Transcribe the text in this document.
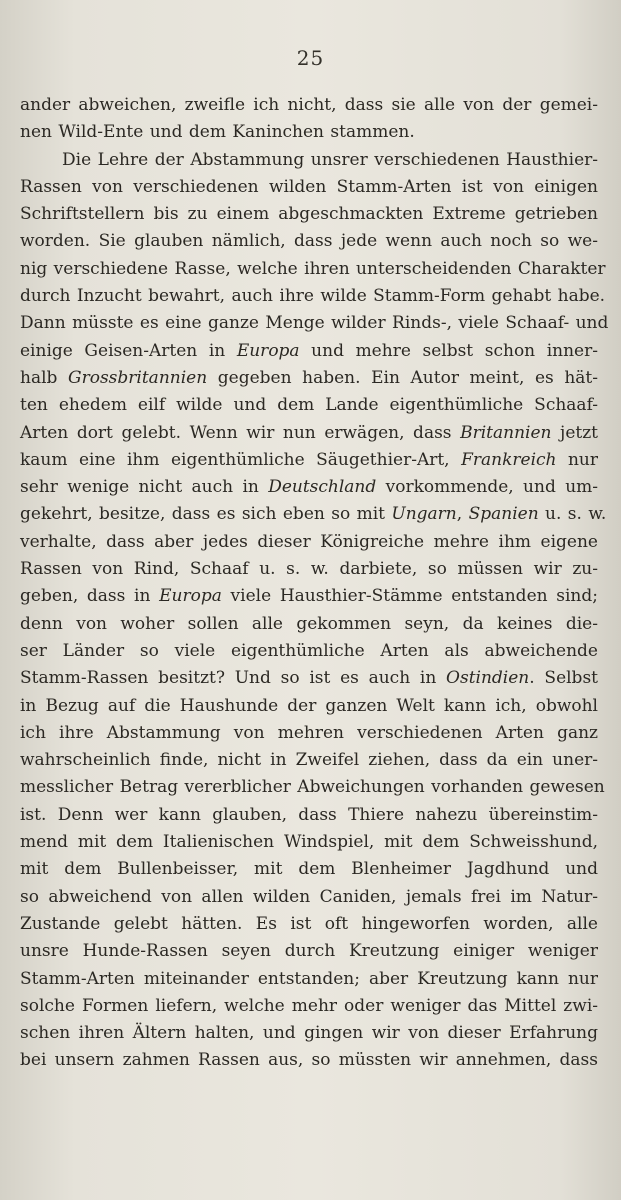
25
ander abweichen, zweifle ich nicht, dass sie alle von der gemei-
nen Wild-Ente und dem Kaninchen stammen.
Die Lehre der Abstammung unsrer verschiedenen Hausthier-
Rassen von verschiedenen wilden Stamm-Arten ist von einigen
Schriftstellern bis zu einem abgeschmackten Extreme getrieben
worden. Sie glauben nämlich, dass jede wenn auch noch so we-
nig verschiedene Rasse, welche ihren unterscheidenden Charakter
durch Inzucht bewahrt, auch ihre wilde Stamm-Form gehabt habe.
Dann müsste es eine ganze Menge wilder Rinds-, viele Schaaf- und
einige Geisen-Arten in Europa und mehre selbst schon inner-
halb Grossbritannien gegeben haben. Ein Autor meint, es hät-
ten ehedem eilf wilde und dem Lande eigenthümliche Schaaf-
Arten dort gelebt. Wenn wir nun erwägen, dass Britannien jetzt
kaum eine ihm eigenthümliche Säugethier-Art, Frankreich nur
sehr wenige nicht auch in Deutschland vorkommende, und um-
gekehrt, besitze, dass es sich eben so mit Ungarn, Spanien u. s. w.
verhalte, dass aber jedes dieser Königreiche mehre ihm eigene
Rassen von Rind, Schaaf u. s. w. darbiete, so müssen wir zu-
geben, dass in Europa viele Hausthier-Stämme entstanden sind;
denn von woher sollen alle gekommen seyn, da keines die-
ser Länder so viele eigenthümliche Arten als abweichende
Stamm-Rassen besitzt? Und so ist es auch in Ostindien. Selbst
in Bezug auf die Haushunde der ganzen Welt kann ich, obwohl
ich ihre Abstammung von mehren verschiedenen Arten ganz
wahrscheinlich finde, nicht in Zweifel ziehen, dass da ein uner-
messlicher Betrag vererblicher Abweichungen vorhanden gewesen
ist. Denn wer kann glauben, dass Thiere nahezu übereinstim-
mend mit dem Italienischen Windspiel, mit dem Schweisshund,
mit dem Bullenbeisser, mit dem Blenheimer Jagdhund und
so abweichend von allen wilden Caniden, jemals frei im Natur-
Zustande gelebt hätten. Es ist oft hingeworfen worden, alle
unsre Hunde-Rassen seyen durch Kreutzung einiger weniger
Stamm-Arten miteinander entstanden; aber Kreutzung kann nur
solche Formen liefern, welche mehr oder weniger das Mittel zwi-
schen ihren Ältern halten, und gingen wir von dieser Erfahrung
bei unsern zahmen Rassen aus, so müssten wir annehmen, dass
